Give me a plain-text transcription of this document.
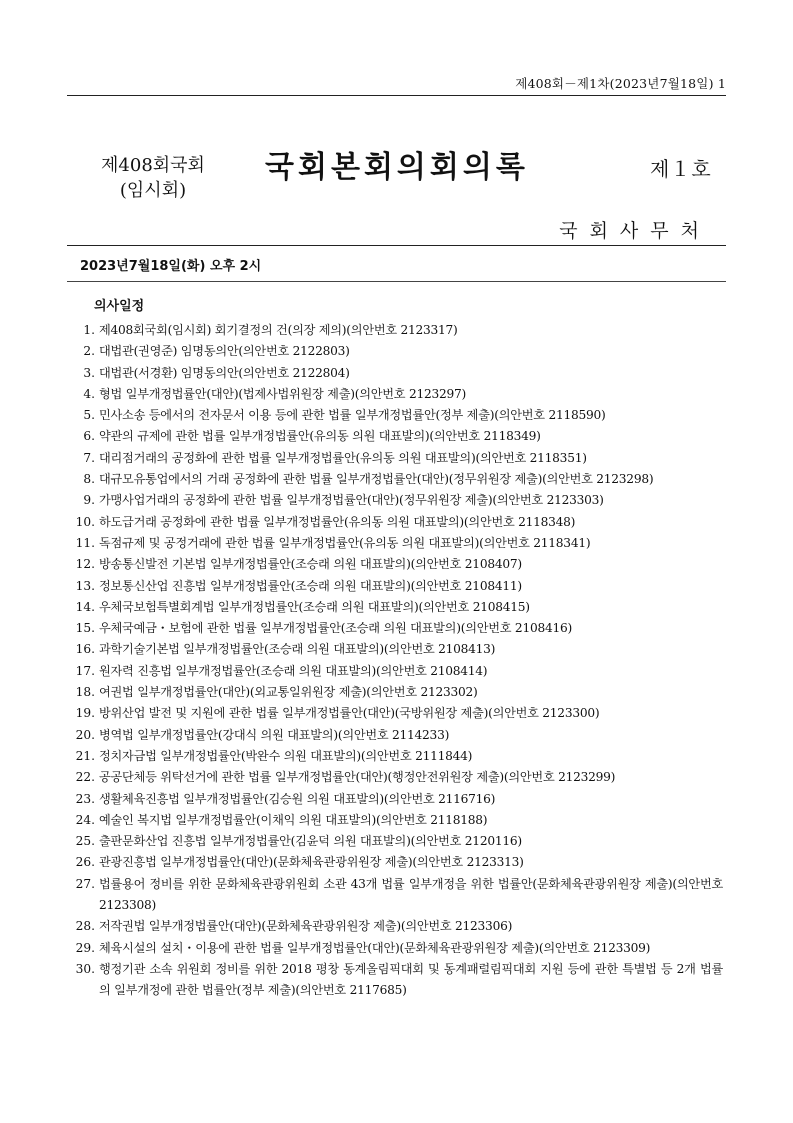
제408회－제1차(2023년7월18일) 1
제408회국회
(임시회)
국회본회의회의록	제１호
국회사무처
2023년7월18일(화) 오후 2시
의사일정
1. 제408회국회(임시회) 회기결정의 건(의장 제의)(의안번호 2123317)
2. 대법관(권영준) 임명동의안(의안번호 2122803)
3. 대법관(서경환) 임명동의안(의안번호 2122804)
4. 형법 일부개정법률안(대안)(법제사법위원장 제출)(의안번호 2123297)
5. 민사소송 등에서의 전자문서 이용 등에 관한 법률 일부개정법률안(정부 제출)(의안번호 2118590)
6. 약관의 규제에 관한 법률 일부개정법률안(유의동 의원 대표발의)(의안번호 2118349)
7. 대리점거래의 공정화에 관한 법률 일부개정법률안(유의동 의원 대표발의)(의안번호 2118351)
8. 대규모유통업에서의 거래 공정화에 관한 법률 일부개정법률안(대안)(정무위원장 제출)(의안번호 2123298)
9. 가맹사업거래의 공정화에 관한 법률 일부개정법률안(대안)(정무위원장 제출)(의안번호 2123303)
10. 하도급거래 공정화에 관한 법률 일부개정법률안(유의동 의원 대표발의)(의안번호 2118348)
11. 독점규제 및 공정거래에 관한 법률 일부개정법률안(유의동 의원 대표발의)(의안번호 2118341)
12. 방송통신발전 기본법 일부개정법률안(조승래 의원 대표발의)(의안번호 2108407)
13. 정보통신산업 진흥법 일부개정법률안(조승래 의원 대표발의)(의안번호 2108411)
14. 우체국보험특별회계법 일부개정법률안(조승래 의원 대표발의)(의안번호 2108415)
15. 우체국예금・보험에 관한 법률 일부개정법률안(조승래 의원 대표발의)(의안번호 2108416)
16. 과학기술기본법 일부개정법률안(조승래 의원 대표발의)(의안번호 2108413)
17. 원자력 진흥법 일부개정법률안(조승래 의원 대표발의)(의안번호 2108414)
18. 여권법 일부개정법률안(대안)(외교통일위원장 제출)(의안번호 2123302)
19. 방위산업 발전 및 지원에 관한 법률 일부개정법률안(대안)(국방위원장 제출)(의안번호 2123300)
20. 병역법 일부개정법률안(강대식 의원 대표발의)(의안번호 2114233)
21. 정치자금법 일부개정법률안(박완수 의원 대표발의)(의안번호 2111844)
22. 공공단체등 위탁선거에 관한 법률 일부개정법률안(대안)(행정안전위원장 제출)(의안번호 2123299)
23. 생활체육진흥법 일부개정법률안(김승원 의원 대표발의)(의안번호 2116716)
24. 예술인 복지법 일부개정법률안(이채익 의원 대표발의)(의안번호 2118188)
25. 출판문화산업 진흥법 일부개정법률안(김윤덕 의원 대표발의)(의안번호 2120116)
26. 관광진흥법 일부개정법률안(대안)(문화체육관광위원장 제출)(의안번호 2123313)
27. 법률용어 정비를 위한 문화체육관광위원회 소관 43개 법률 일부개정을 위한 법률안(문화체육관광위원장 제출)(의안번호 2123308)
28. 저작권법 일부개정법률안(대안)(문화체육관광위원장 제출)(의안번호 2123306)
29. 체육시설의 설치・이용에 관한 법률 일부개정법률안(대안)(문화체육관광위원장 제출)(의안번호 2123309)
30. 행정기관 소속 위원회 정비를 위한 2018 평창 동계올림픽대회 및 동계패럴림픽대회 지원 등에 관한 특별법 등 2개 법률의 일부개정에 관한 법률안(정부 제출)(의안번호 2117685)
